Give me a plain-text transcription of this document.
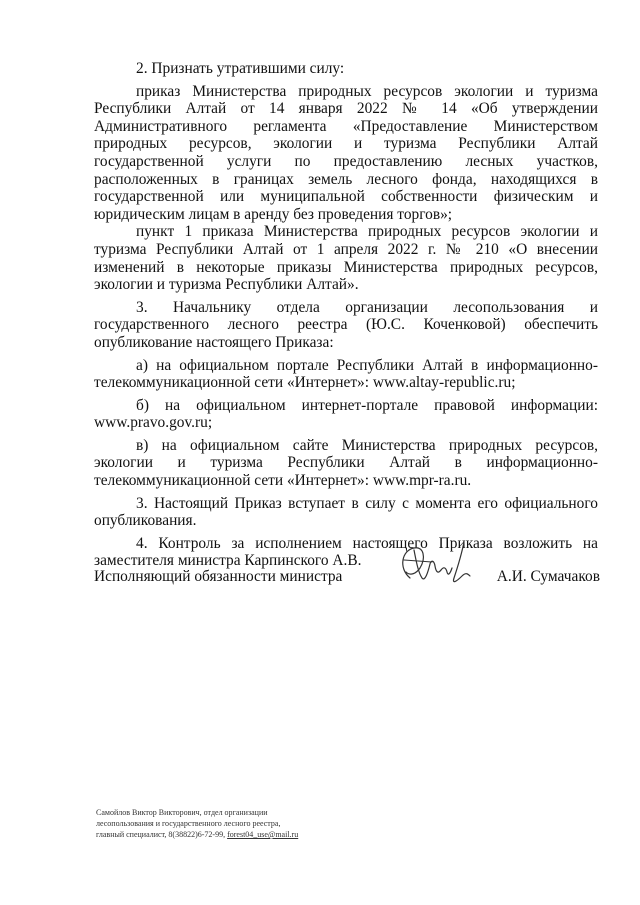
2. Признать утратившими силу:

приказ Министерства природных ресурсов экологии и туризма Республики Алтай от 14 января 2022 № 14 «Об утверждении Административного регламента «Предоставление Министерством природных ресурсов, экологии и туризма Республики Алтай государственной услуги по предоставлению лесных участков, расположенных в границах земель лесного фонда, находящихся в государственной или муниципальной собственности физическим и юридическим лицам в аренду без проведения торгов»;

пункт 1 приказа Министерства природных ресурсов экологии и туризма Республики Алтай от 1 апреля 2022 г. № 210 «О внесении изменений в некоторые приказы Министерства природных ресурсов, экологии и туризма Республики Алтай».

3. Начальнику отдела организации лесопользования и государственного лесного реестра (Ю.С. Коченковой) обеспечить опубликование настоящего Приказа:

а) на официальном портале Республики Алтай в информационно-телекоммуникационной сети «Интернет»: www.altay-republic.ru;

б) на официальном интернет-портале правовой информации: www.pravo.gov.ru;

в) на официальном сайте Министерства природных ресурсов, экологии и туризма Республики Алтай в информационно-телекоммуникационной сети «Интернет»: www.mpr-ra.ru.

3. Настоящий Приказ вступает в силу с момента его официального опубликования.

4. Контроль за исполнением настоящего Приказа возложить на заместителя министра Карпинского А.В.

Исполняющий обязанности министра	А.И. Сумачаков
Самойлов Виктор Викторович, отдел организации
лесопользования и государственного лесного реестра,
главный специалист, 8(38822)6-72-99, forest04_use@mail.ru
